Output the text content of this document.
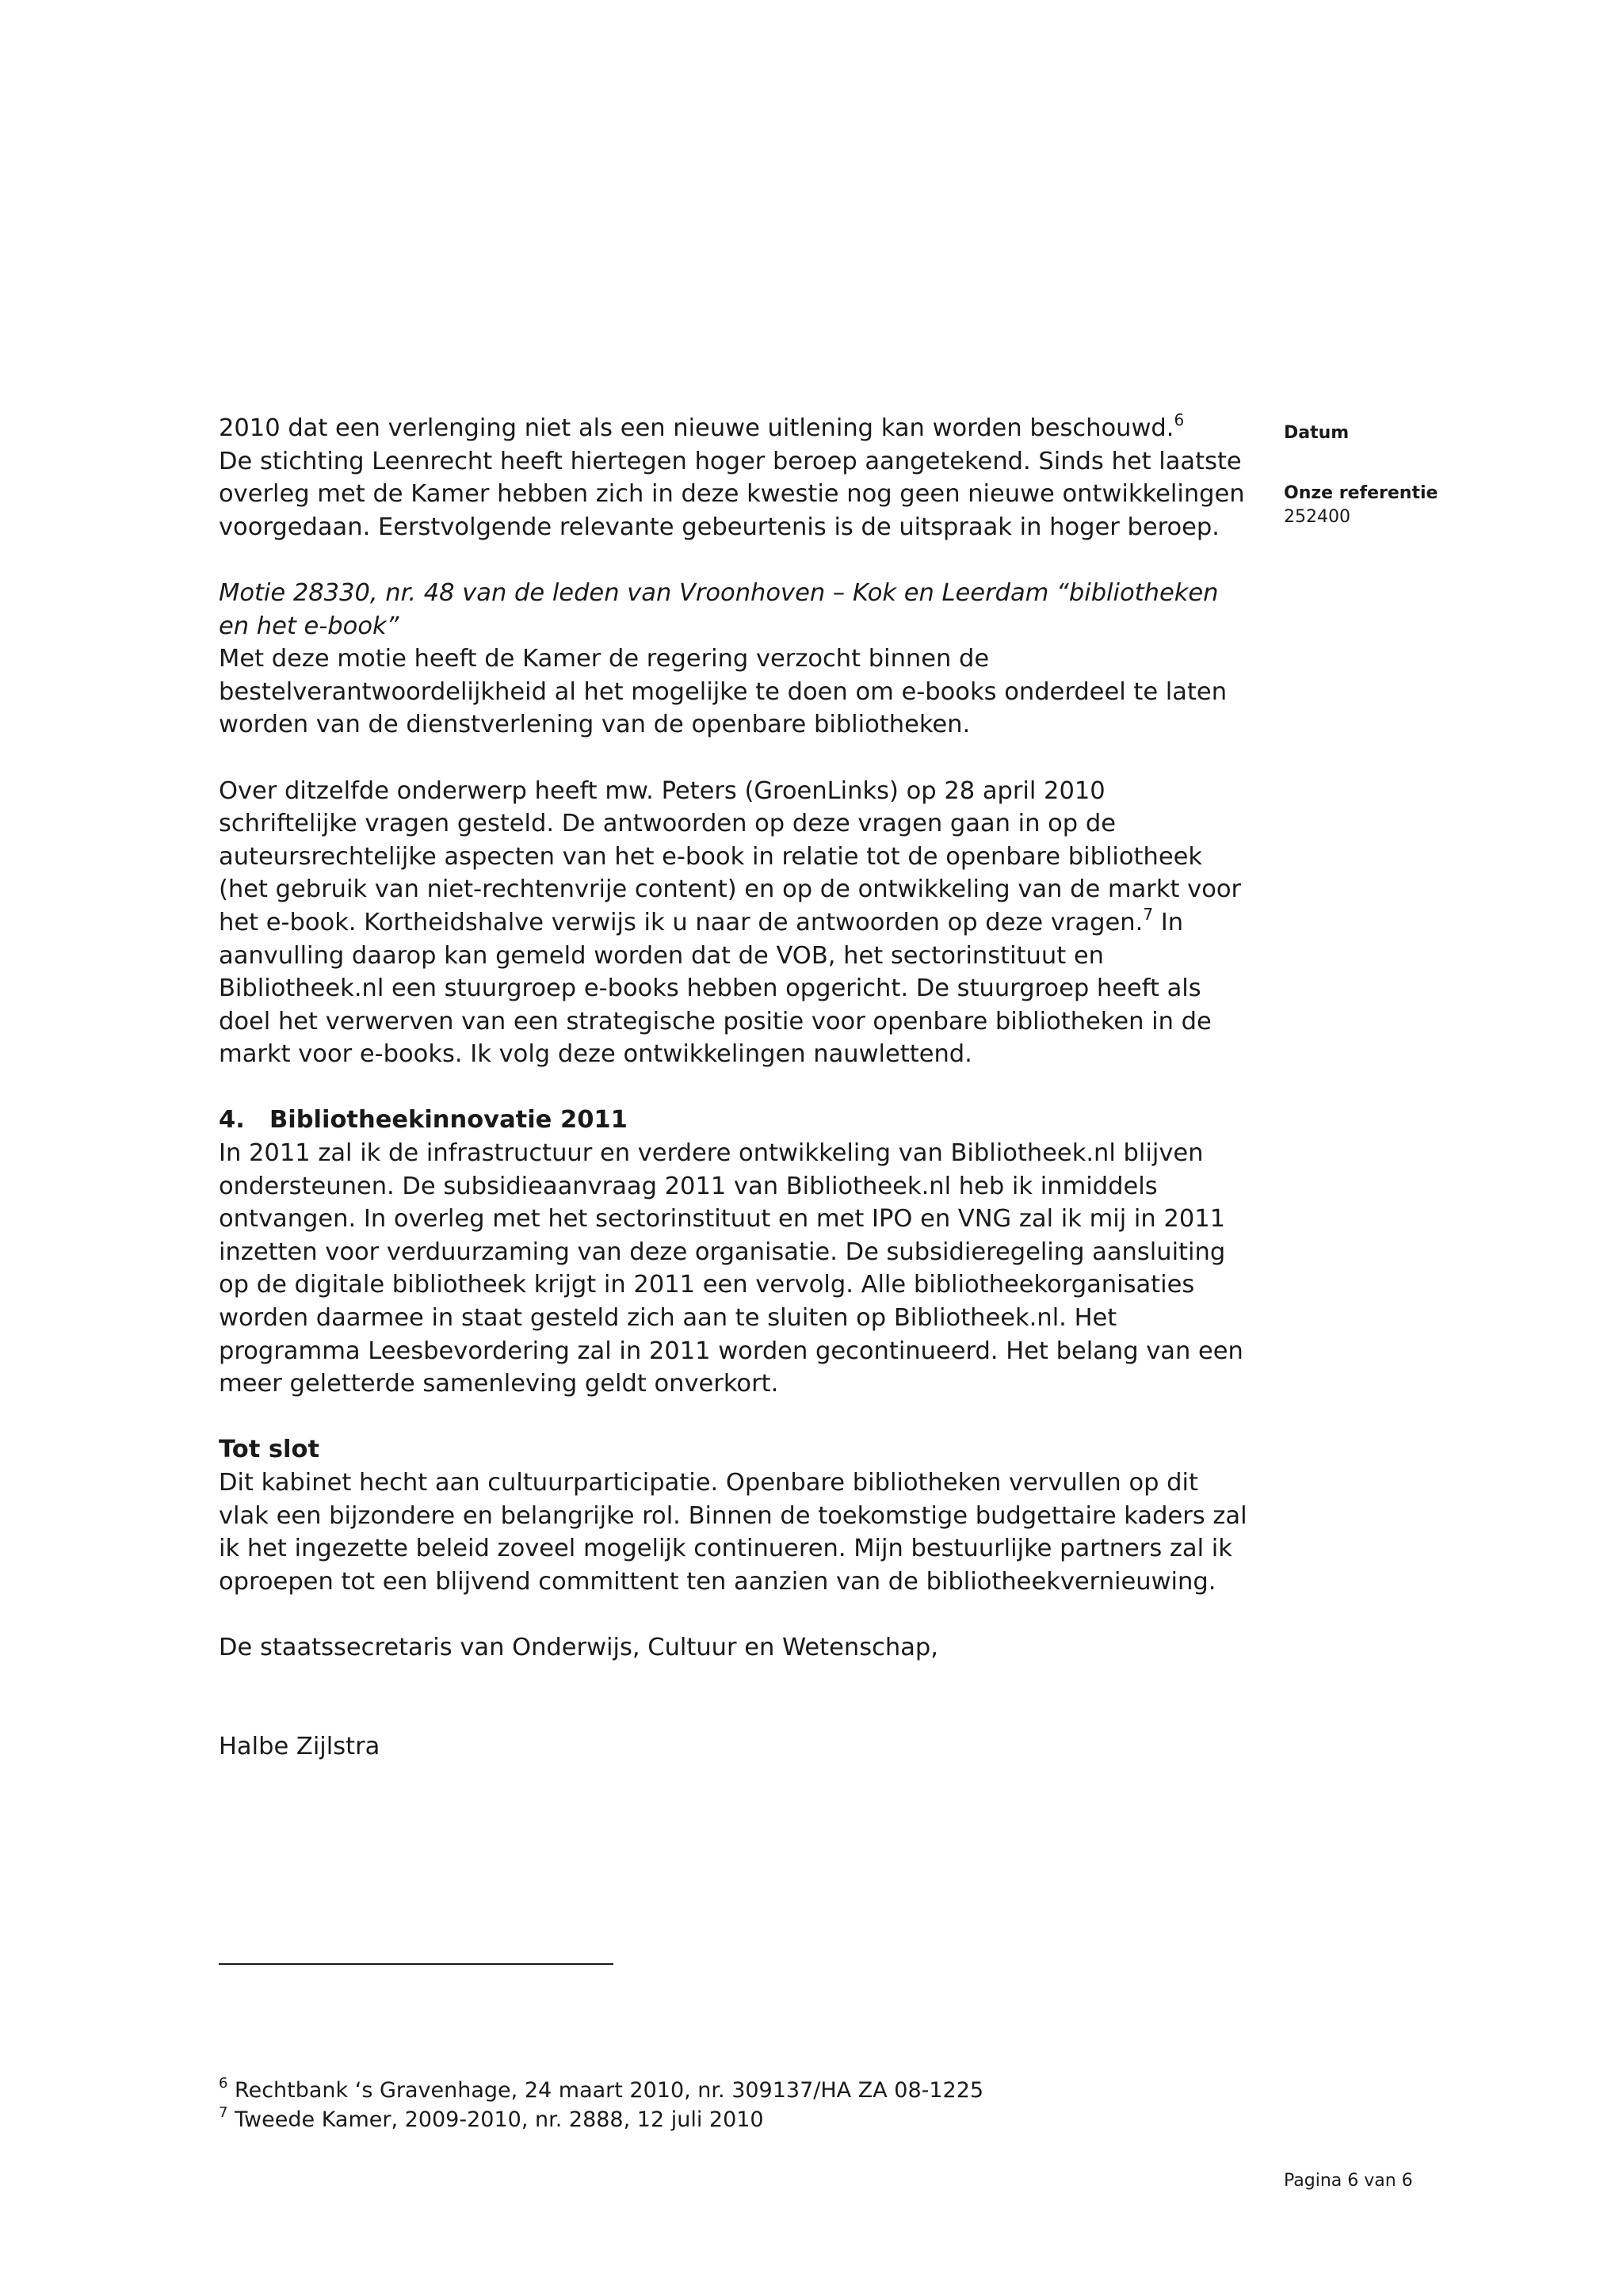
Datum
Onze referentie
252400

2010 dat een verlenging niet als een nieuwe uitlening kan worden beschouwd.$^6$
De stichting Leenrecht heeft hiertegen hoger beroep aangetekend. Sinds het laatste overleg met de Kamer hebben zich in deze kwestie nog geen nieuwe ontwikkelingen voorgedaan. Eerstvolgende relevante gebeurtenis is de uitspraak in hoger beroep.

Motie 28330, nr. 48 van de leden van Vroonhoven – Kok en Leerdam “bibliotheken en het e-book”

Met deze motie heeft de Kamer de regering verzocht binnen de bestelverantwoordelijkheid al het mogelijke te doen om e-books onderdeel te laten worden van de dienstverlening van de openbare bibliotheken.

Over ditzelfde onderwerp heeft mw. Peters (GroenLinks) op 28 april 2010 schriftelijke vragen gesteld. De antwoorden op deze vragen gaan in op de auteursrechtelijke aspecten van het e-book in relatie tot de openbare bibliotheek (het gebruik van niet-rechtenvrije content) en op de ontwikkeling van de markt voor het e-book. Kortheidshalve verwijs ik u naar de antwoorden op deze vragen.$^7$ In aanvulling daarop kan gemeld worden dat de VOB, het sectorinstituut en Bibliotheek.nl een stuurgroep e-books hebben opgericht. De stuurgroep heeft als doel het verwerven van een strategische positie voor openbare bibliotheken in de markt voor e-books. Ik volg deze ontwikkelingen nauwlettend.

4. Bibliotheekinnovatie 2011

In 2011 zal ik de infrastructuur en verdere ontwikkeling van Bibliotheek.nl blijven ondersteunen. De subsidieaanvraag 2011 van Bibliotheek.nl heb ik inmiddels ontvangen. In overleg met het sectorinstituut en met IPO en VNG zal ik mij in 2011 inzetten voor verduurzaming van deze organisatie. De subsidieregeling aansluiting op de digitale bibliotheek krijgt in 2011 een vervolg. Alle bibliotheekorganisaties worden daarmee in staat gesteld zich aan te sluiten op Bibliotheek.nl. Het programma Leesbevordering zal in 2011 worden gecontinueerd. Het belang van een meer geletterde samenleving geldt onverkort.

Tot slot

Dit kabinet hecht aan cultuurparticipatie. Openbare bibliotheken vervullen op dit vlak een bijzondere en belangrijke rol. Binnen de toekomstige budgettaire kaders zal ik het ingezette beleid zoveel mogelijk continueren. Mijn bestuurlijke partners zal ik oproepen tot een blijvend committent ten aanzien van de bibliotheekvernieuwing.

De staatssecretaris van Onderwijs, Cultuur en Wetenschap,

Halbe Zijlstra

$^6$ Rechtbank ‘s Gravenhage, 24 maart 2010, nr. 309137/HA ZA 08-1225
$^7$ Tweede Kamer, 2009-2010, nr. 2888, 12 juli 2010
Pagina 6 van 6
